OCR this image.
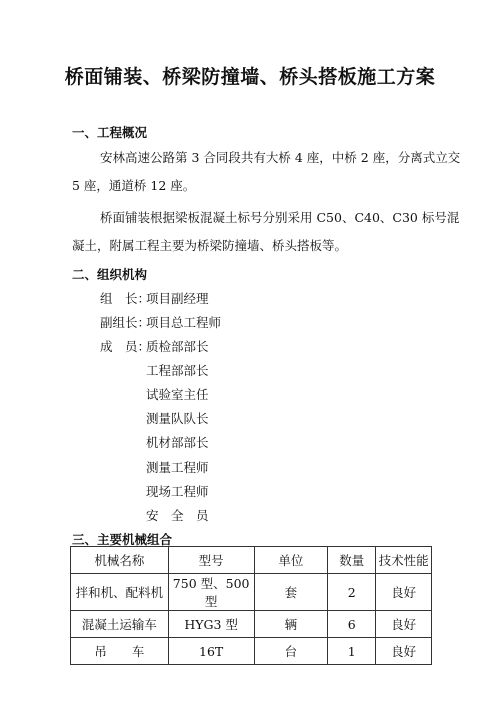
桥面铺装、桥梁防撞墙、桥头搭板施工方案
一、工程概况
安林高速公路第 3 合同段共有大桥 4 座，中桥 2 座，分离式立交
5 座，通道桥 12 座。
桥面铺装根据梁板混凝土标号分别采用 C50、C40、C30 标号混
凝土，附属工程主要为桥梁防撞墙、桥头搭板等。
二、组织机构
组　长：
项目副经理
副组长：
项目总工程师
成　员：
质检部部长
工程部部长
试验室主任
测量队队长
机材部部长
测量工程师
现场工程师
安　全　员
三、主要机械组合
机械名称	型号	单位	数量	技术性能
拌和机、配料机	750 型、500 型	套	2	良好
混凝土运输车	HYG3 型	辆	6	良好
吊　　车	16T	台	1	良好
